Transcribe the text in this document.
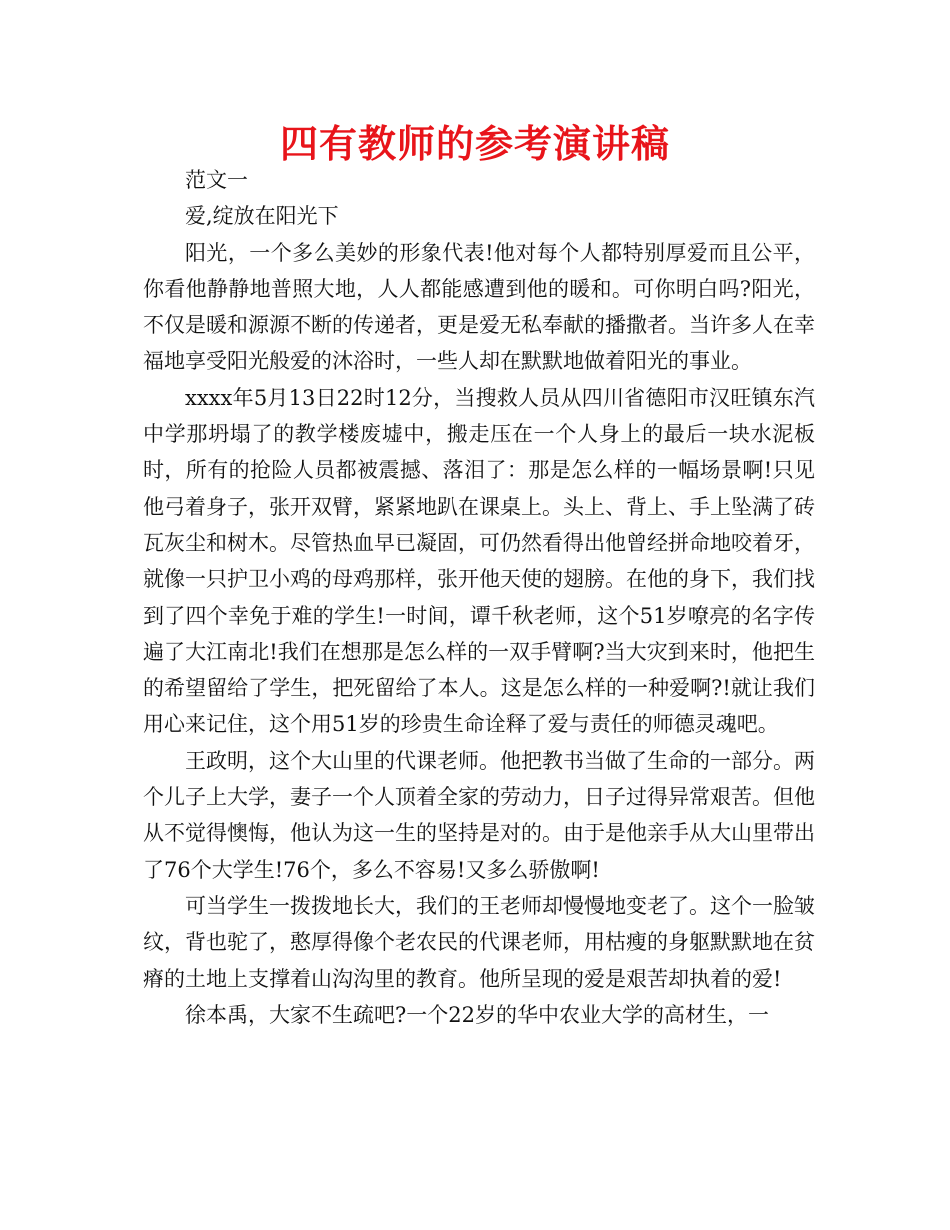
四有教师的参考演讲稿

范文一

爱,绽放在阳光下

阳光，一个多么美妙的形象代表!他对每个人都特别厚爱而且公平，你看他静静地普照大地，人人都能感遭到他的暖和。可你明白吗?阳光，不仅是暖和源源不断的传递者，更是爱无私奉献的播撒者。当许多人在幸福地享受阳光般爱的沐浴时，一些人却在默默地做着阳光的事业。

xxxx年5月13日22时12分，当搜救人员从四川省德阳市汉旺镇东汽中学那坍塌了的教学楼废墟中，搬走压在一个人身上的最后一块水泥板时，所有的抢险人员都被震撼、落泪了：那是怎么样的一幅场景啊!只见他弓着身子，张开双臂，紧紧地趴在课桌上。头上、背上、手上坠满了砖瓦灰尘和树木。尽管热血早已凝固，可仍然看得出他曾经拼命地咬着牙，就像一只护卫小鸡的母鸡那样，张开他天使的翅膀。在他的身下，我们找到了四个幸免于难的学生!一时间，谭千秋老师，这个51岁嘹亮的名字传遍了大江南北!我们在想那是怎么样的一双手臂啊?当大灾到来时，他把生的希望留给了学生，把死留给了本人。这是怎么样的一种爱啊?!就让我们用心来记住，这个用51岁的珍贵生命诠释了爱与责任的师德灵魂吧。

王政明，这个大山里的代课老师。他把教书当做了生命的一部分。两个儿子上大学，妻子一个人顶着全家的劳动力，日子过得异常艰苦。但他从不觉得懊悔，他认为这一生的坚持是对的。由于是他亲手从大山里带出了76个大学生!76个，多么不容易!又多么骄傲啊!

可当学生一拨拨地长大，我们的王老师却慢慢地变老了。这个一脸皱纹，背也驼了，憨厚得像个老农民的代课老师，用枯瘦的身躯默默地在贫瘠的土地上支撑着山沟沟里的教育。他所呈现的爱是艰苦却执着的爱!

徐本禹，大家不生疏吧?一个22岁的华中农业大学的高材生，一
